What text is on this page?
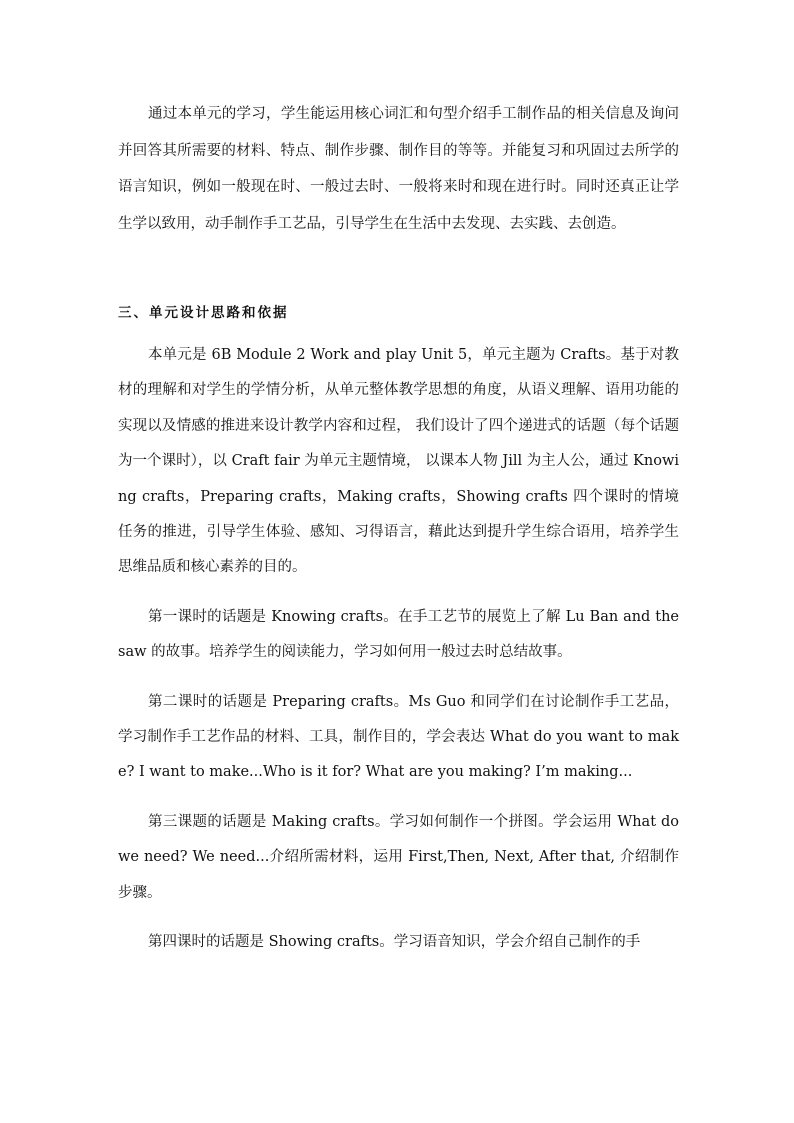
通过本单元的学习，学生能运用核心词汇和句型介绍手工制作品的相关信息及询问并回答其所需要的材料、特点、制作步骤、制作目的等等。并能复习和巩固过去所学的语言知识，例如一般现在时、一般过去时、一般将来时和现在进行时。同时还真正让学生学以致用，动手制作手工艺品，引导学生在生活中去发现、去实践、去创造。

三、单元设计思路和依据

本单元是 6B Module 2 Work and play Unit 5，单元主题为 Crafts。基于对教材的理解和对学生的学情分析，从单元整体教学思想的角度，从语义理解、语用功能的实现以及情感的推进来设计教学内容和过程， 我们设计了四个递进式的话题（每个话题为一个课时），以 Craft fair 为单元主题情境， 以课本人物 Jill 为主人公，通过 Knowing crafts，Preparing crafts，Making crafts，Showing crafts 四个课时的情境任务的推进，引导学生体验、感知、习得语言，藉此达到提升学生综合语用，培养学生思维品质和核心素养的目的。

第一课时的话题是 Knowing crafts。在手工艺节的展览上了解 Lu Ban and the saw 的故事。培养学生的阅读能力，学习如何用一般过去时总结故事。

第二课时的话题是 Preparing crafts。Ms Guo 和同学们在讨论制作手工艺品，学习制作手工艺作品的材料、工具，制作目的，学会表达 What do you want to make? I want to make...Who is it for? What are you making? I’m making...

第三课题的话题是 Making crafts。学习如何制作一个拼图。学会运用 What do we need? We need...介绍所需材料，运用 First,Then, Next, After that, 介绍制作步骤。

第四课时的话题是 Showing crafts。学习语音知识，学会介绍自己制作的手
